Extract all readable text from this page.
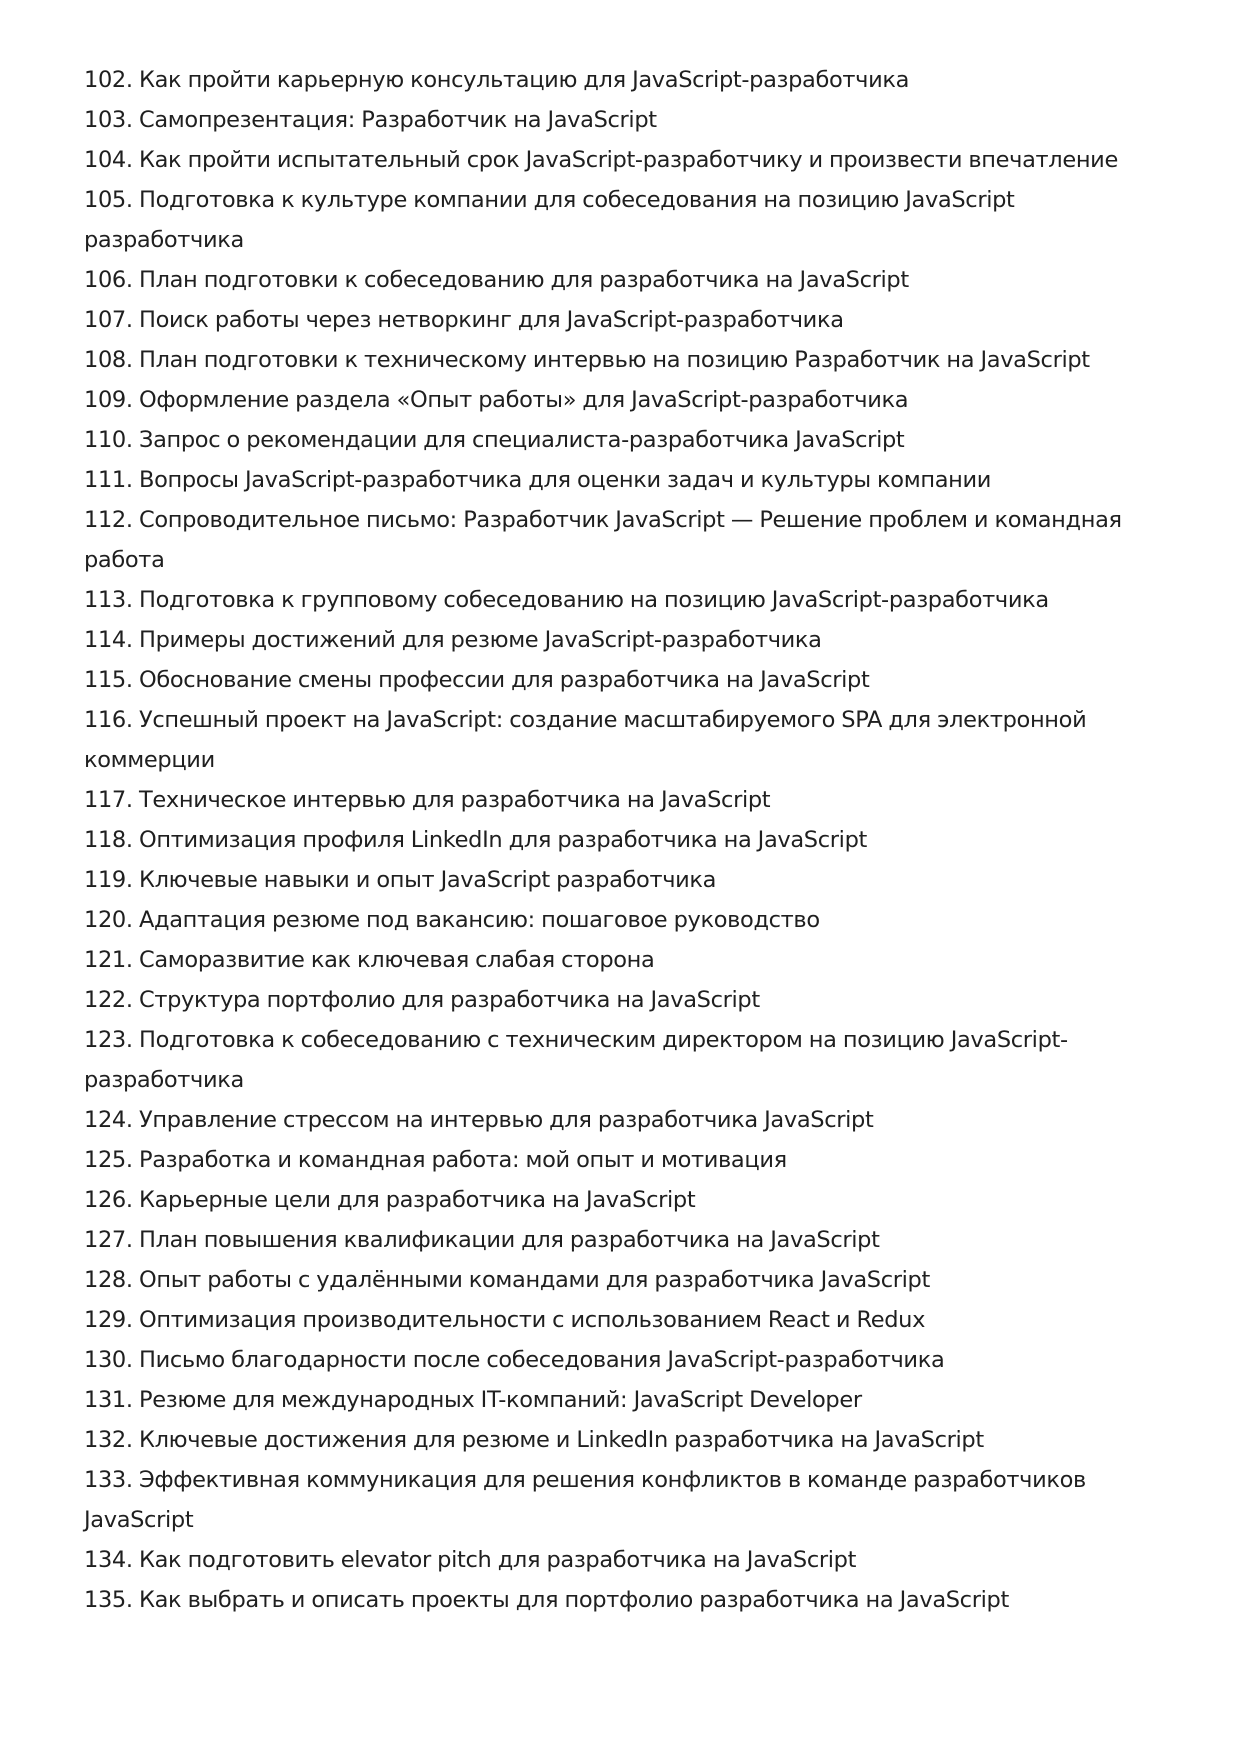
102. Как пройти карьерную консультацию для JavaScript-разработчика

103. Самопрезентация: Разработчик на JavaScript

104. Как пройти испытательный срок JavaScript-разработчику и произвести впечатление

105. Подготовка к культуре компании для собеседования на позицию JavaScript разработчика

106. План подготовки к собеседованию для разработчика на JavaScript

107. Поиск работы через нетворкинг для JavaScript-разработчика

108. План подготовки к техническому интервью на позицию Разработчик на JavaScript

109. Оформление раздела «Опыт работы» для JavaScript-разработчика

110. Запрос о рекомендации для специалиста-разработчика JavaScript

111. Вопросы JavaScript-разработчика для оценки задач и культуры компании

112. Сопроводительное письмо: Разработчик JavaScript — Решение проблем и командная работа

113. Подготовка к групповому собеседованию на позицию JavaScript-разработчика

114. Примеры достижений для резюме JavaScript-разработчика

115. Обоснование смены профессии для разработчика на JavaScript

116. Успешный проект на JavaScript: создание масштабируемого SPA для электронной коммерции

117. Техническое интервью для разработчика на JavaScript

118. Оптимизация профиля LinkedIn для разработчика на JavaScript

119. Ключевые навыки и опыт JavaScript разработчика

120. Адаптация резюме под вакансию: пошаговое руководство

121. Саморазвитие как ключевая слабая сторона

122. Структура портфолио для разработчика на JavaScript

123. Подготовка к собеседованию с техническим директором на позицию JavaScript-разработчика

124. Управление стрессом на интервью для разработчика JavaScript

125. Разработка и командная работа: мой опыт и мотивация

126. Карьерные цели для разработчика на JavaScript

127. План повышения квалификации для разработчика на JavaScript

128. Опыт работы с удалёнными командами для разработчика JavaScript

129. Оптимизация производительности с использованием React и Redux

130. Письмо благодарности после собеседования JavaScript-разработчика

131. Резюме для международных IT-компаний: JavaScript Developer

132. Ключевые достижения для резюме и LinkedIn разработчика на JavaScript

133. Эффективная коммуникация для решения конфликтов в команде разработчиков JavaScript

134. Как подготовить elevator pitch для разработчика на JavaScript

135. Как выбрать и описать проекты для портфолио разработчика на JavaScript
